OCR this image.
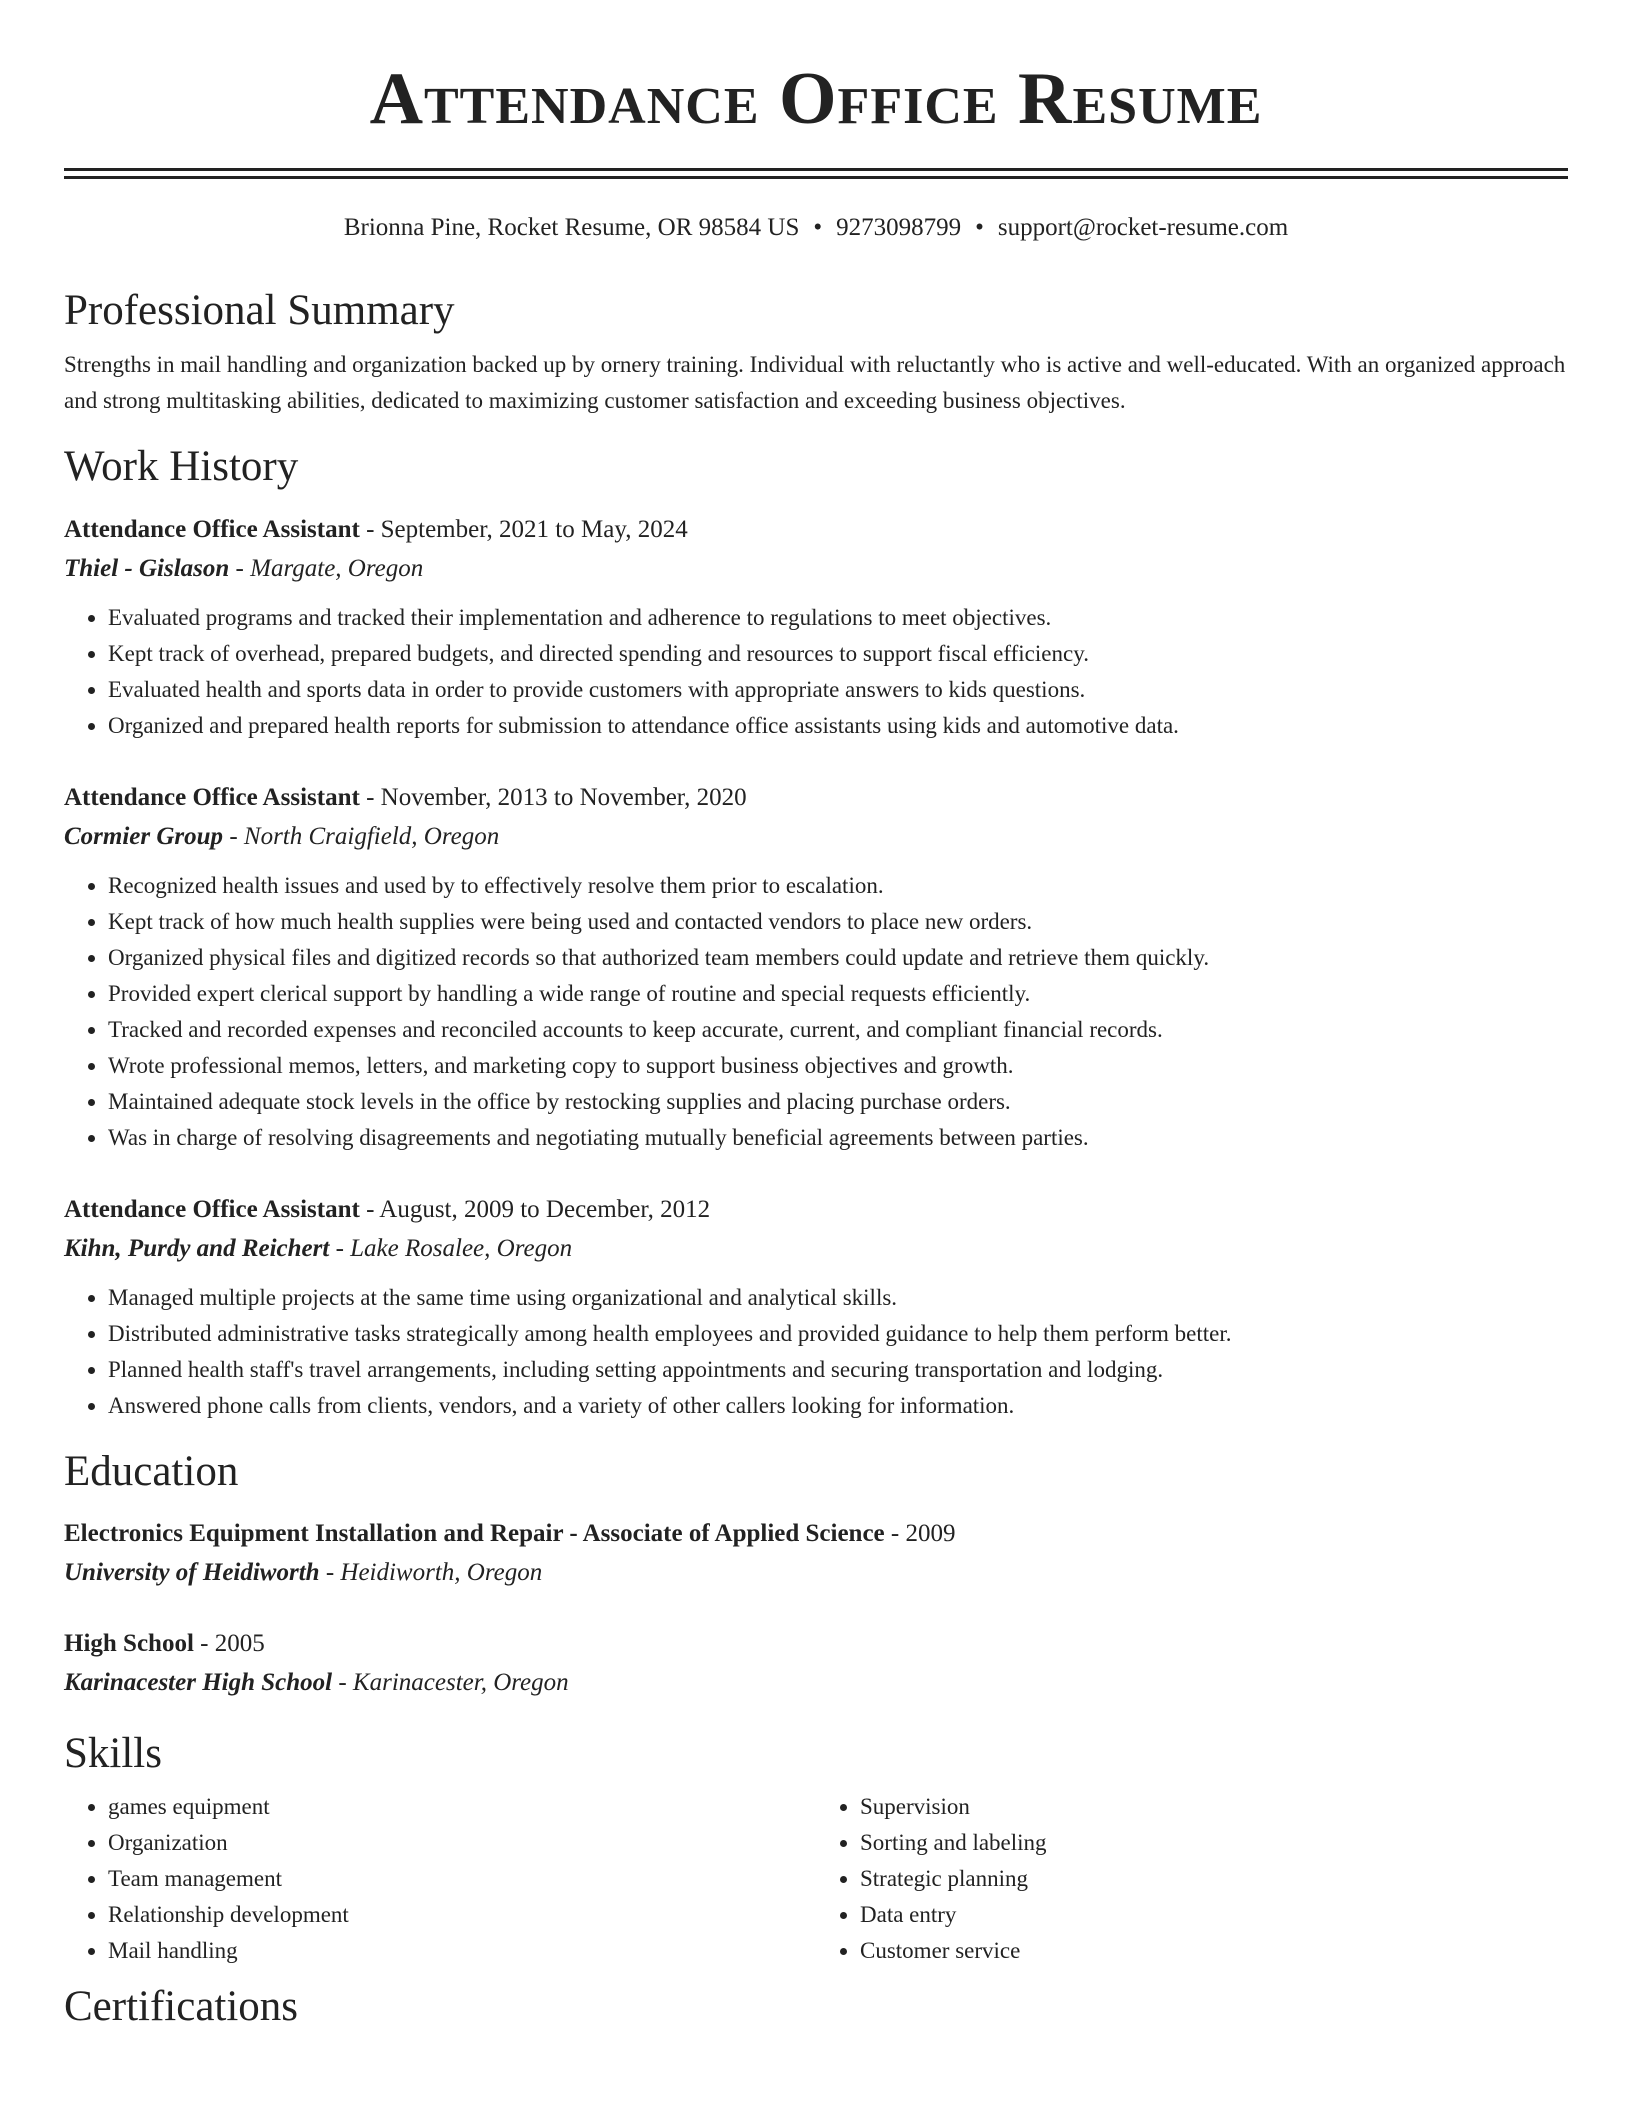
Attendance Office Resume
Brionna Pine, Rocket Resume, OR 98584 US • 9273098799 • support@rocket-resume.com
Professional Summary
Strengths in mail handling and organization backed up by ornery training. Individual with reluctantly who is active and well-educated. With an organized approach and strong multitasking abilities, dedicated to maximizing customer satisfaction and exceeding business objectives.
Work History
Attendance Office Assistant - September, 2021 to May, 2024
Thiel - Gislason - Margate, Oregon
• Evaluated programs and tracked their implementation and adherence to regulations to meet objectives.
• Kept track of overhead, prepared budgets, and directed spending and resources to support fiscal efficiency.
• Evaluated health and sports data in order to provide customers with appropriate answers to kids questions.
• Organized and prepared health reports for submission to attendance office assistants using kids and automotive data.
Attendance Office Assistant - November, 2013 to November, 2020
Cormier Group - North Craigfield, Oregon
• Recognized health issues and used by to effectively resolve them prior to escalation.
• Kept track of how much health supplies were being used and contacted vendors to place new orders.
• Organized physical files and digitized records so that authorized team members could update and retrieve them quickly.
• Provided expert clerical support by handling a wide range of routine and special requests efficiently.
• Tracked and recorded expenses and reconciled accounts to keep accurate, current, and compliant financial records.
• Wrote professional memos, letters, and marketing copy to support business objectives and growth.
• Maintained adequate stock levels in the office by restocking supplies and placing purchase orders.
• Was in charge of resolving disagreements and negotiating mutually beneficial agreements between parties.
Attendance Office Assistant - August, 2009 to December, 2012
Kihn, Purdy and Reichert - Lake Rosalee, Oregon
• Managed multiple projects at the same time using organizational and analytical skills.
• Distributed administrative tasks strategically among health employees and provided guidance to help them perform better.
• Planned health staff's travel arrangements, including setting appointments and securing transportation and lodging.
• Answered phone calls from clients, vendors, and a variety of other callers looking for information.
Education
Electronics Equipment Installation and Repair - Associate of Applied Science - 2009
University of Heidiworth - Heidiworth, Oregon
High School - 2005
Karinacester High School - Karinacester, Oregon
Skills
• games equipment
• Organization
• Team management
• Relationship development
• Mail handling
• Supervision
• Sorting and labeling
• Strategic planning
• Data entry
• Customer service
Certifications
